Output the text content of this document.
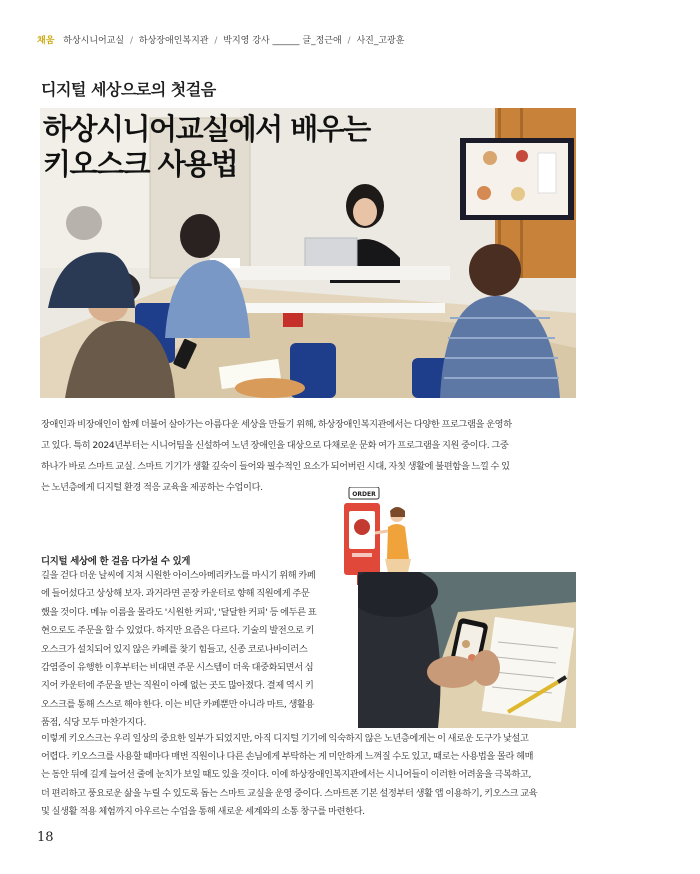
채움 하상시니어교실 / 하상장애인복지관 / 박지영 강사 ______ 글_정근애 / 사진_고광훈
디지털 세상으로의 첫걸음
하상시니어교실에서 배우는
키오스크 사용법
장애인과 비장애인이 함께 더불어 살아가는 아름다운 세상을 만들기 위해, 하상장애인복지관에서는 다양한 프로그램을 운영하
고 있다. 특히 2024년부터는 시니어팀을 신설하여 노년 장애인을 대상으로 다채로운 문화 여가 프로그램을 지원 중이다. 그중
하나가 바로 스마트 교실. 스마트 기기가 생활 깊숙이 들어와 필수적인 요소가 되어버린 시대, 자칫 생활에 불편함을 느낄 수 있
는 노년층에게 디지털 환경 적응 교육을 제공하는 수업이다.
ORDER
디지털 세상에 한 걸음 다가설 수 있게
길을 걷다 더운 날씨에 지쳐 시원한 아이스아메리카노를 마시기 위해 카페
에 들어섰다고 상상해 보자. 과거라면 곧장 카운터로 향해 직원에게 주문
했을 것이다. 메뉴 이름을 몰라도 '시원한 커피', '달달한 커피' 등 에두른 표
현으로도 주문을 할 수 있었다. 하지만 요즘은 다르다. 기술의 발전으로 키
오스크가 설치되어 있지 않은 카페를 찾기 힘들고, 신종 코로나바이러스
감염증이 유행한 이후부터는 비대면 주문 시스템이 더욱 대중화되면서 심
지어 카운터에 주문을 받는 직원이 아예 없는 곳도 많아졌다. 결제 역시 키
오스크를 통해 스스로 해야 한다. 이는 비단 카페뿐만 아니라 마트, 생활용
품점, 식당 모두 마찬가지다.
이렇게 키오스크는 우리 일상의 중요한 일부가 되었지만, 아직 디지털 기기에 익숙하지 않은 노년층에게는 이 새로운 도구가 낯설고
어렵다. 키오스크를 사용할 때마다 매번 직원이나 다른 손님에게 부탁하는 게 미안하게 느껴질 수도 있고, 때로는 사용법을 몰라 헤매
는 동안 뒤에 길게 늘어선 줄에 눈치가 보일 때도 있을 것이다. 이에 하상장애인복지관에서는 시니어들이 이러한 어려움을 극복하고,
더 편리하고 풍요로운 삶을 누릴 수 있도록 돕는 스마트 교실을 운영 중이다. 스마트폰 기본 설정부터 생활 앱 이용하기, 키오스크 교육
및 실생활 적용 체험까지 아우르는 수업을 통해 새로운 세계와의 소통 창구를 마련한다.
18
